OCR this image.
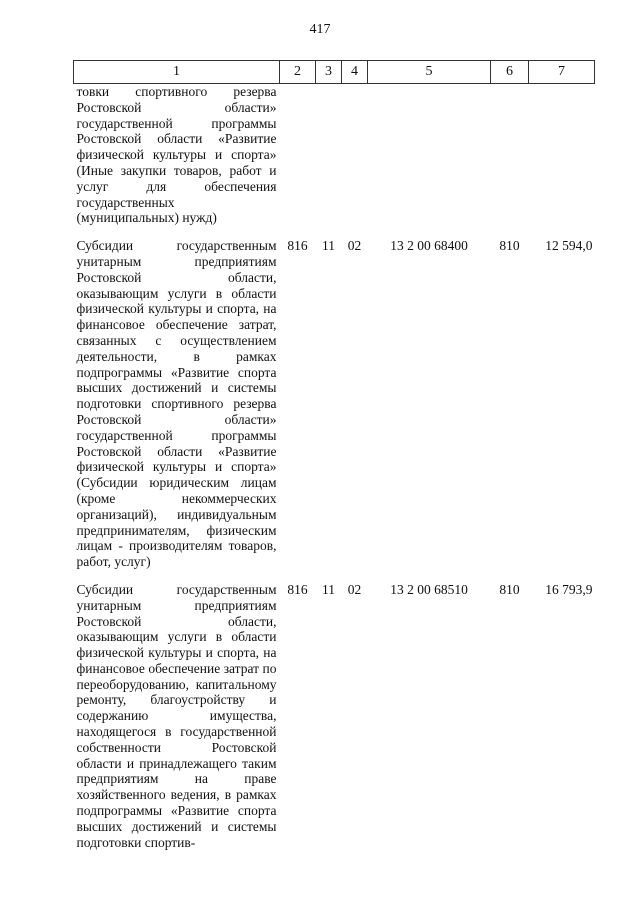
417
1	2	3	4	5	6	7

товки спортивного резерва Ростовской области» государственной программы Ростовской области «Развитие физической культуры и спорта» (Иные закупки товаров, работ и услуг для обеспечения государственных (муниципальных) нужд)						

Субсидии государственным унитарным предприятиям Ростовской области, оказывающим услуги в области физической культуры и спорта, на финансовое обеспечение затрат, связанных с осуществлением деятельности, в рамках подпрограммы «Развитие спорта высших достижений и системы подготовки спортивного резерва Ростовской области» государственной программы Ростовской области «Развитие физической культуры и спорта» (Субсидии юридическим лицам (кроме некоммерческих организаций), индивидуальным предпринимателям, физическим лицам - производителям товаров, работ, услуг)	816	11	02	13 2 00 68400	810	12 594,0

Субсидии государственным унитарным предприятиям Ростовской области, оказывающим услуги в области физической культуры и спорта, на финансовое обеспечение затрат по переоборудованию, капитальному ремонту, благоустройству и содержанию имущества, находящегося в государственной собственности Ростовской области и принадлежащего таким предприятиям на праве хозяйственного ведения, в рамках подпрограммы «Развитие спорта высших достижений и системы подготовки спортив-	816	11	02	13 2 00 68510	810	16 793,9
